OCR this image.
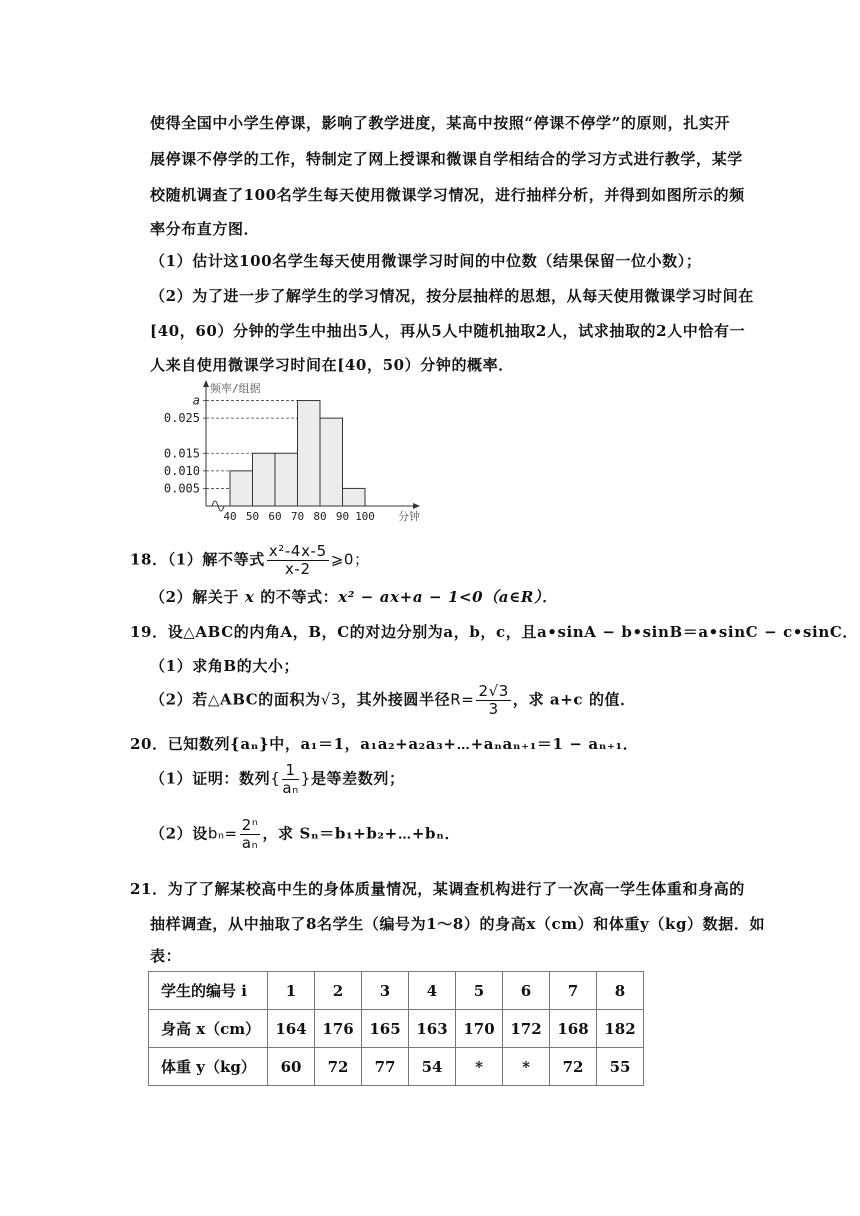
使得全国中小学生停课，影响了教学进度，某高中按照“停课不停学”的原则，扎实开
展停课不停学的工作，特制定了网上授课和微课自学相结合的学习方式进行教学，某学
校随机调查了100名学生每天使用微课学习情况，进行抽样分析，并得到如图所示的频
率分布直方图．
（1）估计这100名学生每天使用微课学习时间的中位数（结果保留一位小数）；
（2）为了进一步了解学生的学习情况，按分层抽样的思想，从每天使用微课学习时间在
[40，60）分钟的学生中抽出5人，再从5人中随机抽取2人，试求抽取的2人中恰有一
人来自使用微课学习时间在[40，50）分钟的概率．
a
0.025
0.015
0.010
0.005
40 50 60 70 80 90 100
频率/组据
分钟
18．（1）解不等式 $\frac{\text{x²-4x-5}}{x-2}$ ⩾0；
（2）解关于 x 的不等式：x² − ax+a − 1<0（a∈R）．
19．设△ABC的内角A，B，C的对边分别为a，b，c，且a•sinA − b•sinB＝a•sinC − c•sinC．
（1）求角B的大小；
（2）若△ABC的面积为√3，其外接圆半径$R= \frac{2√3}{3}$ ，求 a+c 的值．
20．已知数列{aₙ}中，a₁＝1，a₁a₂+a₂a₃+⋯+aₙaₙ₊₁＝1 − aₙ₊₁．
（1）证明：数列{ $\frac{1}{\text{aₙ}}$ }是等差数列；
（2）设$b_n= \frac{\text{2ⁿ}}{\text{aₙ}}$ ，求 Sₙ＝b₁+b₂+⋯+bₙ．
21．为了了解某校高中生的身体质量情况，某调查机构进行了一次高一学生体重和身高的
抽样调查，从中抽取了8名学生（编号为1～8）的身高x（cm）和体重y（kg）数据．如
表：
学生的编号 i	1	2	3	4	5	6	7	8
身高 x（cm）	164	176	165	163	170	172	168	182
体重 y（kg）	60	72	77	54	*	*	72	55
